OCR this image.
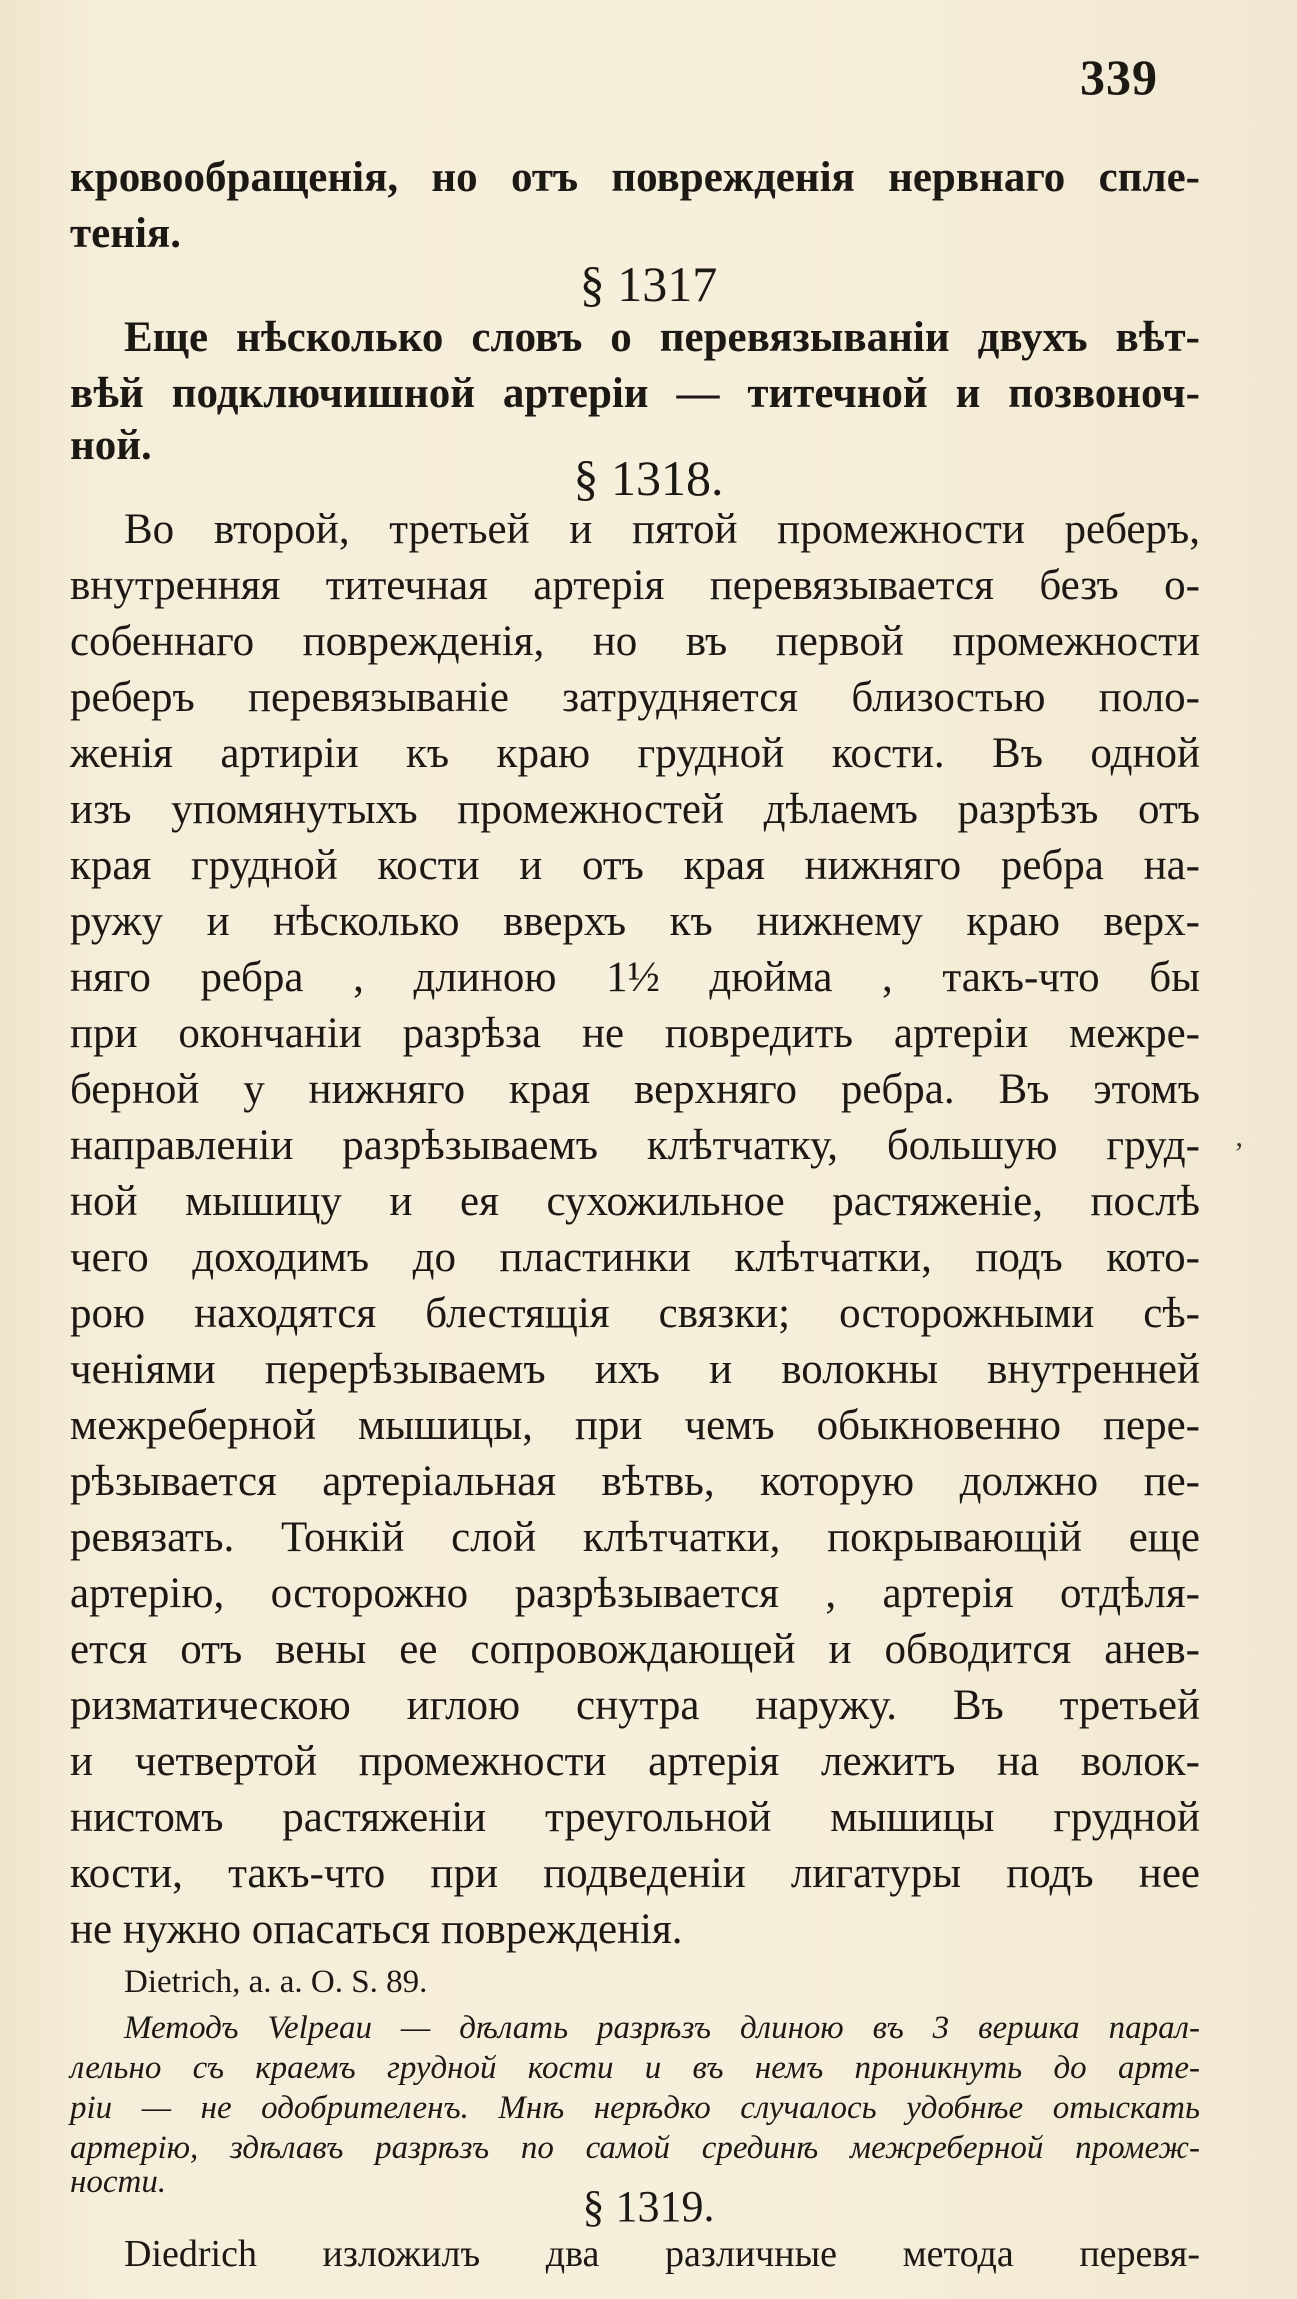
339
кровообращенія, но отъ поврежденія нервнаго спле-
тенія.
§ 1317
Еще нѣсколько словъ о перевязываніи двухъ вѣт-
вѣй подключишной артеріи — титечной и позвоноч-
ной.
§ 1318.
Во второй, третьей и пятой промежности реберъ,
внутренняя титечная артерія перевязывается безъ о-
собеннаго поврежденія, но въ первой промежности
реберъ перевязываніе затрудняется близостью поло-
женія артиріи къ краю грудной кости. Въ одной
изъ упомянутыхъ промежностей дѣлаемъ разрѣзъ отъ
края грудной кости и отъ края нижняго ребра на-
ружу и нѣсколько вверхъ къ нижнему краю верх-
няго ребра , длиною 1½ дюйма , такъ-что бы
при окончаніи разрѣза не повредить артеріи межре-
берной у нижняго края верхняго ребра. Въ этомъ
направленіи разрѣзываемъ клѣтчатку, большую груд-
ной мышицу и ея сухожильное растяженіе, послѣ
чего доходимъ до пластинки клѣтчатки, подъ кото-
рою находятся блестящія связки; осторожными сѣ-
ченіями перерѣзываемъ ихъ и волокны внутренней
межреберной мышицы, при чемъ обыкновенно пере-
рѣзывается артеріальная вѣтвь, которую должно пе-
ревязать. Тонкій слой клѣтчатки, покрывающій еще
артерію, осторожно разрѣзывается , артерія отдѣля-
ется отъ вены ее сопровождающей и обводится анев-
ризматическою иглою снутра наружу. Въ третьей
и четвертой промежности артерія лежитъ на волок-
нистомъ растяженіи треугольной мышицы грудной
кости, такъ-что при подведеніи лигатуры подъ нее
не нужно опасаться поврежденія.
Dietrich, a. a. O. S. 89.
Методъ Velpeau — дѣлать разрѣзъ длиною въ 3 вершка парал-
лельно съ краемъ грудной кости и въ немъ проникнуть до арте-
ріи — не одобрителенъ. Мнѣ нерѣдко случалось удобнѣе отыскать
артерію, здѣлавъ разрѣзъ по самой срединѣ межреберной промеж-
ности.	§ 1319.
Diedrich изложилъ два различные метода перевя-
‚
